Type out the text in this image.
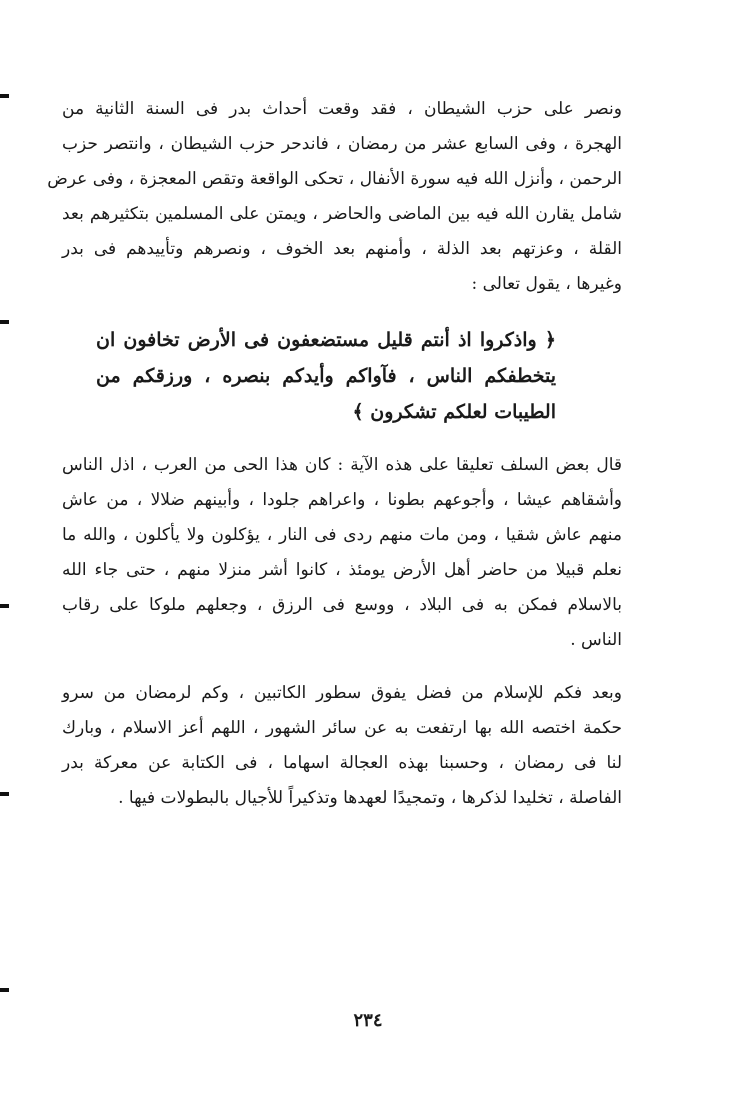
ونصر على حزب الشيطان ، فقد وقعت أحداث بدر فى السنة الثانية من
الهجرة ، وفى السابع عشر من رمضان ، فاندحر حزب الشيطان ، وانتصر حزب
الرحمن ، وأنزل الله فيه سورة الأنفال ، تحكى الواقعة وتقص المعجزة ، وفى عرض
شامل يقارن الله فيه بين الماضى والحاضر ، ويمتن على المسلمين بتكثيرهم بعد
القلة ، وعزتهم بعد الذلة ، وأمنهم بعد الخوف ، ونصرهم وتأييدهم فى بدر
وغيرها ، يقول تعالى :
﴿ واذكروا اذ أنتم قليل مستضعفون فى الأرض تخافون ان
يتخطفكم الناس ، فآواكم وأيدكم بنصره ، ورزقكم من
الطيبات لعلكم تشكرون ﴾
قال بعض السلف تعليقا على هذه الآية : كان هذا الحى من العرب ، اذل الناس
وأشقاهم عيشا ، وأجوعهم بطونا ، واعراهم جلودا ، وأبينهم ضلالا ، من عاش
منهم عاش شقيا ، ومن مات منهم ردى فى النار ، يؤكلون ولا يأكلون ، والله ما
نعلم قبيلا من حاضر أهل الأرض يومئذ ، كانوا أشر منزلا منهم ، حتى جاء الله
بالاسلام فمكن به فى البلاد ، ووسع فى الرزق ، وجعلهم ملوكا على رقاب
الناس .
وبعد فكم للإسلام من فضل يفوق سطور الكاتبين ، وكم لرمضان من سرو
حكمة اختصه الله بها ارتفعت به عن سائر الشهور ، اللهم أعز الاسلام ، وبارك
لنا فى رمضان ، وحسبنا بهذه العجالة اسهاما ، فى الكتابة عن معركة بدر
الفاصلة ، تخليدا لذكرها ، وتمجيدًا لعهدها وتذكيراً للأجيال بالبطولات فيها .
٢٣٤
